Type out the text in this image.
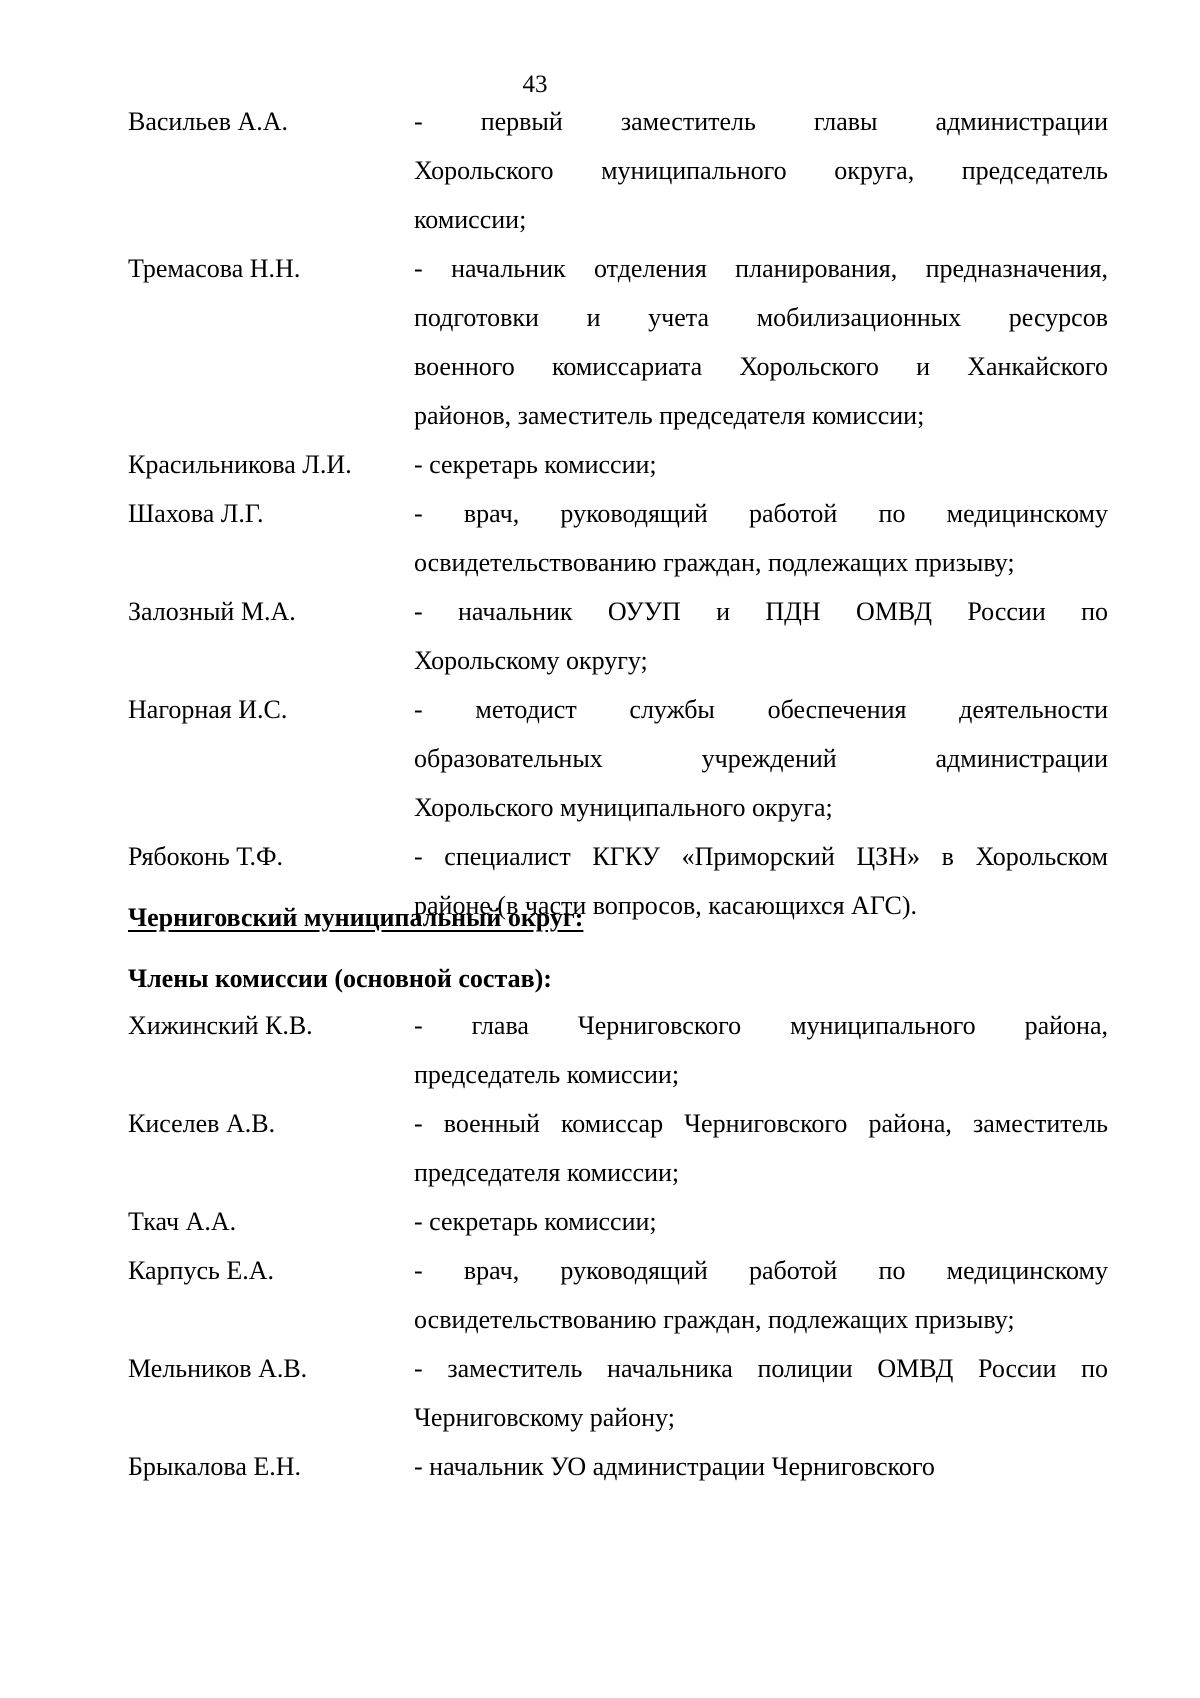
43
Васильев А.А.	- первый заместитель главы администрации
Хорольского муниципального округа, председатель
комиссии;
Тремасова Н.Н.	- начальник отделения планирования, предназначения,
подготовки и учета мобилизационных ресурсов
военного комиссариата Хорольского и Ханкайского
районов, заместитель председателя комиссии;
Красильникова Л.И.	- секретарь комиссии;
Шахова Л.Г.	- врач, руководящий работой по медицинскому
освидетельствованию граждан, подлежащих призыву;
Залозный М.А.	- начальник ОУУП и ПДН ОМВД России по
Хорольскому округу;
Нагорная И.С.	- методист службы обеспечения деятельности
образовательных учреждений администрации
Хорольского муниципального округа;
Рябоконь Т.Ф.	- специалист КГКУ «Приморский ЦЗН» в Хорольском
районе (в части вопросов, касающихся АГС).
Черниговский муниципальный округ:
Члены комиссии (основной состав):
Хижинский К.В.	- глава Черниговского муниципального района,
председатель комиссии;
Киселев А.В.	- военный комиссар Черниговского района, заместитель
председателя комиссии;
Ткач А.А.	- секретарь комиссии;
Карпусь Е.А.	- врач, руководящий работой по медицинскому
освидетельствованию граждан, подлежащих призыву;
Мельников А.В.	- заместитель начальника полиции ОМВД России по
Черниговскому району;
Брыкалова Е.Н.	- начальник УО администрации Черниговского
